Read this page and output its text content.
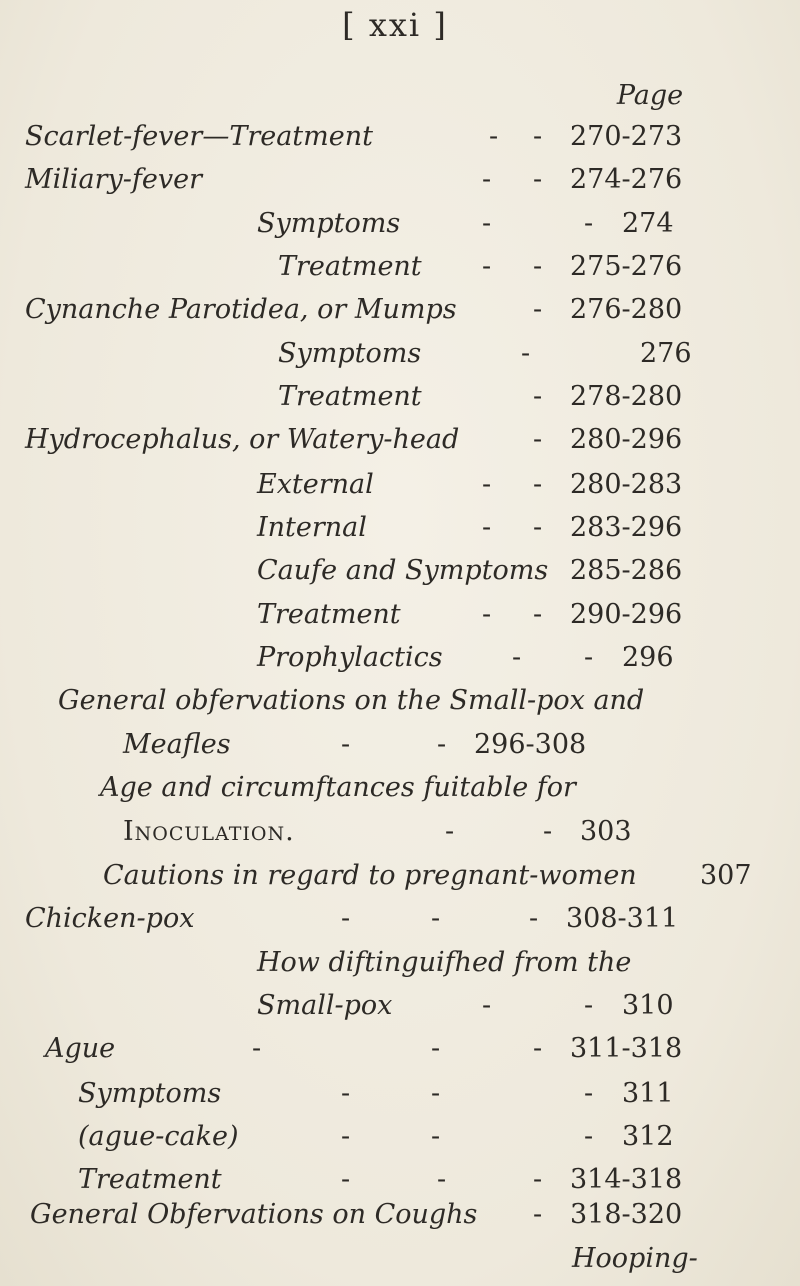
[ xxi ]
Page
Scarlet-fever—Treatment	- - 270-273
Miliary-fever	- - 274-276
Symptoms	-	- 274
Treatment - - 275-276
Cynanche Parotidea, or Mumps	- 276-280
Symptoms	-	276
Treatment	- 278-280
Hydrocephalus, or Watery-head	- 280-296
External	- - 280-283
Internal	- - 283-296
Caufe and Symptoms 285-286
Treatment	- - 290-296
Prophylactics	- - 296
General obfervations on the Small-pox and
Meafles	-	- 296-308
Age and circumftances fuitable for
Inoculation.	-	- 303
Cautions in regard to pregnant-women 307
Chicken-pox	-	-	- 308-311
How diftinguifhed from the
Small-pox	-	- 310
Ague	-	-	- 311-318
Symptoms	-	-	- 311
(ague-cake)	-	-	- 312
Treatment	-	-	- 314-318
General Obfervations on Coughs - 318-320
Hooping-
